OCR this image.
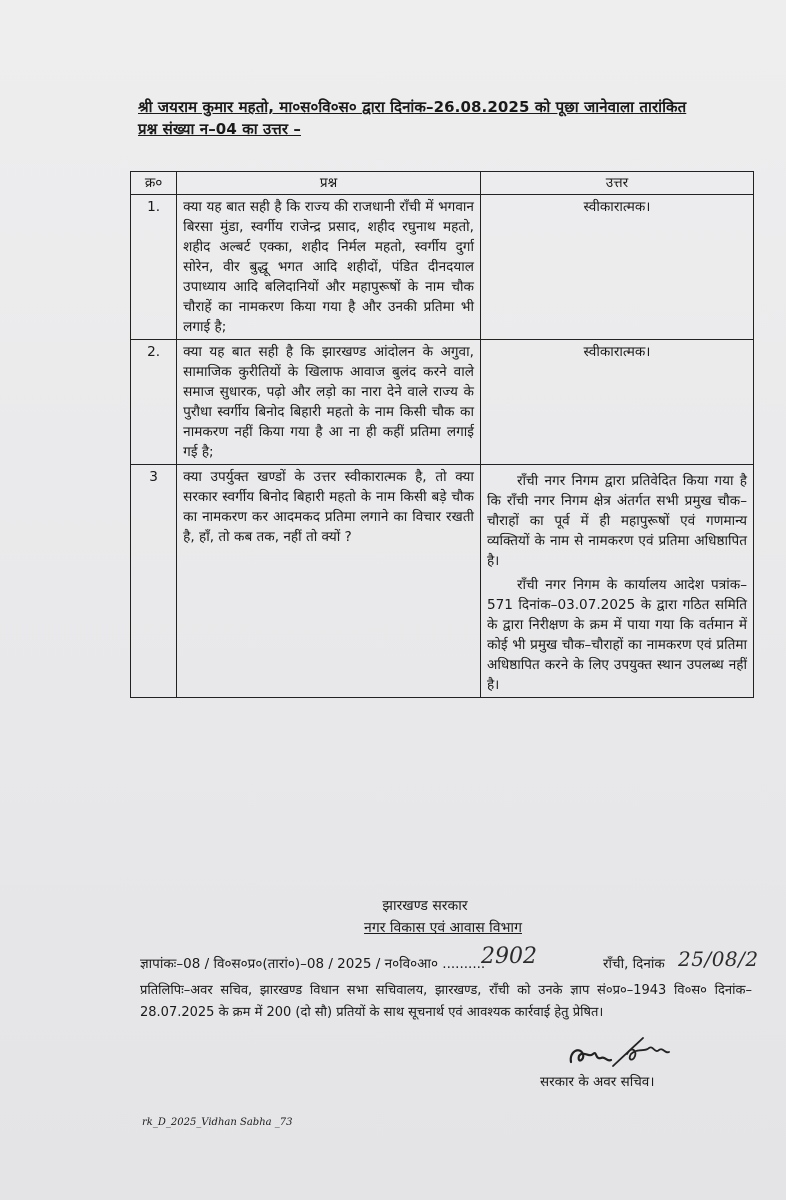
श्री जयराम कुमार महतो, मा०स०वि०स० द्वारा दिनांक–26.08.2025 को पूछा जानेवाला तारांकित
प्रश्न संख्या न–04 का उत्तर –
क्र०	प्रश्न	उत्तर
1.	क्या यह बात सही है कि राज्य की राजधानी राँची में भगवान बिरसा मुंडा, स्वर्गीय राजेन्द्र प्रसाद, शहीद रघुनाथ महतो, शहीद अल्बर्ट एक्का, शहीद निर्मल महतो, स्वर्गीय दुर्गा सोरेन, वीर बुद्धू भगत आदि शहीदों, पंडित दीनदयाल उपाध्याय आदि बलिदानियों और महापुरूषों के नाम चौक चौराहें का नामकरण किया गया है और उनकी प्रतिमा भी लगाई है;	स्वीकारात्मक।
2.	क्या यह बात सही है कि झारखण्ड आंदोलन के अगुवा, सामाजिक कुरीतियों के खिलाफ आवाज बुलंद करने वाले समाज सुधारक, पढ़ो और लड़ो का नारा देने वाले राज्य के पुरौधा स्वर्गीय बिनोद बिहारी महतो के नाम किसी चौक का नामकरण नहीं किया गया है आ ना ही कहीं प्रतिमा लगाई गई है;	स्वीकारात्मक।
3	क्या उपर्युक्त खण्डों के उत्तर स्वीकारात्मक है, तो क्या सरकार स्वर्गीय बिनोद बिहारी महतो के नाम किसी बड़े चौक का नामकरण कर आदमकद प्रतिमा लगाने का विचार रखती है, हाँ, तो कब तक, नहीं तो क्यों ?	राँची नगर निगम द्वारा प्रतिवेदित किया गया है कि राँची नगर निगम क्षेत्र अंतर्गत सभी प्रमुख चौक–चौराहों का पूर्व में ही महापुरूषों एवं गणमान्य व्यक्तियों के नाम से नामकरण एवं प्रतिमा अधिष्ठापित है।
राँची नगर निगम के कार्यालय आदेश पत्रांक–571 दिनांक–03.07.2025 के द्वारा गठित समिति के द्वारा निरीक्षण के क्रम में पाया गया कि वर्तमान में कोई भी प्रमुख चौक–चौराहों का नामकरण एवं प्रतिमा अधिष्ठापित करने के लिए उपयुक्त स्थान उपलब्ध नहीं है।
झारखण्ड सरकार
नगर विकास एवं आवास विभाग
ज्ञापांकः–08 / वि०स०प्र०(तारां०)–08 / 2025 / न०वि०आ० ..........
2902	राँची, दिनांक 25/08/2
प्रतिलिपिः–अवर सचिव, झारखण्ड विधान सभा सचिवालय, झारखण्ड, राँची को उनके ज्ञाप सं०प्र०–1943 वि०स० दिनांक–28.07.2025 के क्रम में 200 (दो सौ) प्रतियों के साथ सूचनार्थ एवं आवश्यक कार्रवाई हेतु प्रेषित।
सरकार के अवर सचिव।
rk_D_2025_Vidhan Sabha _73
